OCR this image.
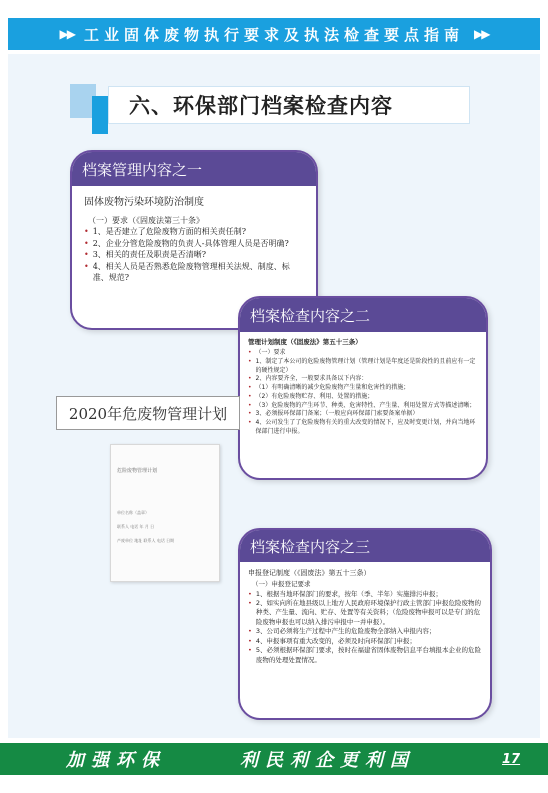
▶▶ 工业固体废物执行要求及执法检查要点指南 ▶▶
六、环保部门档案检查内容
档案管理内容之一
固体废物污染环境防治制度
（一）要求（《固废法第三十条》
• 1、是否建立了危险废物方面的相关责任制?
• 2、企业分管危险废物的负责人-具体管理人员是否明确?
• 3、相关的责任及职责是否清晰?
• 4、相关人员是否熟悉危险废物管理相关法规、制度、标准、规范?
档案检查内容之二
管理计划制度（《固废法》第五十三条）
• （一）要求
• 1、制定了本公司的危险废物管理计划（管理计划是年度还是阶段性的且前应有一定的硬性规定）
• 2、内容要齐全，一般要求具备以下内容：
• （1）有明确清晰的减少危险废物产生量和危害性的措施；
• （2）有危险废物贮存、利用、处置的措施；
• （3）危险废物的产生环节、种类、危害特性、产生量、利用处置方式等描述清晰；
• 3、必须报环保部门备案；（一般应向环保部门索要备案单据）
• 4、公司发生了了危险废物有关的重大改变的情况下，应及时变更计划，并向当地环保部门进行申报。
2020年危废物管理计划
危险废物管理计划
单位名称（盖章）
联系人 电话 年 月 日
产废单位 地址 联系人 电话 日期	档案检查内容之三
申报登记制度（《固废法》第五十三条）
（一）申报登记要求
• 1、根据当地环保部门的要求，按年（季、半年）实施排污申报；
• 2、如实向所在地县级以上地方人民政府环境保护行政主管部门申报危险废物的种类、产生量、流向、贮存、处置等有关资料；（危险废物申报可以是专门的危险废物申报也可以纳入排污申报中一并申报）。
• 3、公司必须将生产过程中产生的危险废物全部纳入申报内容；
• 4、申报事项有重大改变的，必须及时向环保部门申报；
• 5、必须根据环保部门要求，按时在福建省固体废物信息平台填报本企业的危险废物的处理处置情况。
加强环保	利民利企更利国	17
